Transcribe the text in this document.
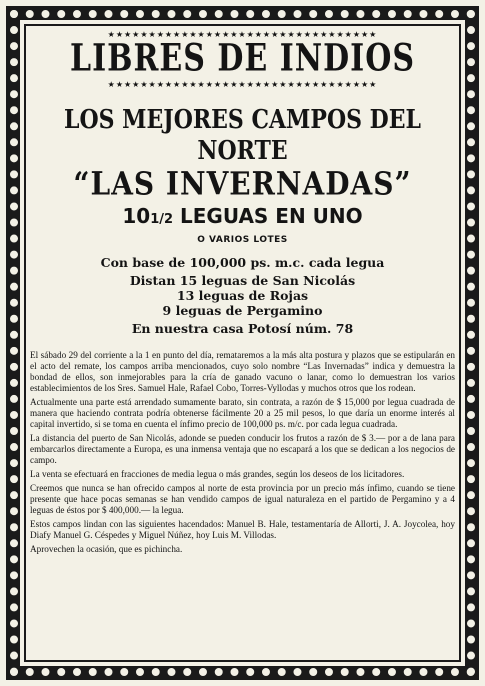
★★★★★★★★★★★★★★★★★★★★★★★★★★★★★★★★★
LIBRES DE INDIOS
★★★★★★★★★★★★★★★★★★★★★★★★★★★★★★★★★
LOS MEJORES CAMPOS DEL NORTE
“LAS INVERNADAS”
101/2 LEGUAS EN UNO
O VARIOS LOTES
Con base de 100,000 ps. m.c. cada legua
Distan 15 leguas de San Nicolás
13 leguas de Rojas
9 leguas de Pergamino
En nuestra casa Potosí núm. 78

El sábado 29 del corriente a la 1 en punto del día, remataremos a la más alta postura y plazos que se estipularán en el acto del remate, los campos arriba mencionados, cuyo solo nombre “Las Invernadas” indica y demuestra la bondad de ellos, son inmejorables para la cría de ganado vacuno o lanar, como lo demuestran los varios establecimientos de los Sres. Samuel Hale, Rafael Cobo, Torres-Vyllodas y muchos otros que los rodean.

Actualmente una parte está arrendado sumamente barato, sin contrata, a razón de $ 15,000 por legua cuadrada de manera que haciendo contrata podría obtenerse fácilmente 20 a 25 mil pesos, lo que daría un enorme interés al capital invertido, si se toma en cuenta el ínfimo precio de 100,000 ps. m/c. por cada legua cuadrada.

La distancia del puerto de San Nicolás, adonde se pueden conducir los frutos a razón de $ 3.— por a de lana para embarcarlos directamente a Europa, es una inmensa ventaja que no escapará a los que se dedican a los negocios de campo.

La venta se efectuará en fracciones de media legua o más grandes, según los deseos de los licitadores.

Creemos que nunca se han ofrecido campos al norte de esta provincia por un precio más ínfimo, cuando se tiene presente que hace pocas semanas se han vendido campos de igual naturaleza en el partido de Pergamino y a 4 leguas de éstos por $ 400,000.— la legua.

Estos campos lindan con las siguientes hacendados: Manuel B. Hale, testamentaría de Allorti, J. A. Joycolea, hoy Diafy Manuel G. Céspedes y Miguel Núñez, hoy Luis M. Villodas.

Aprovechen la ocasión, que es pichincha.
